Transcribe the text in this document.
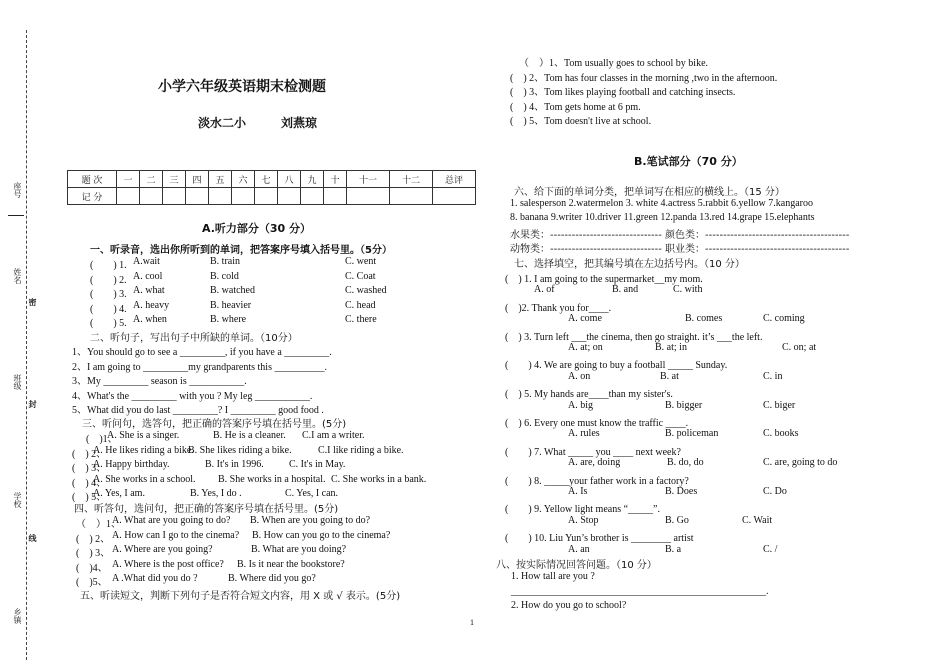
座号
姓名
密
班级
封
学校
线
乡镇
小学六年级英语期末检测题
淡水二小	刘燕琼
题 次	一	二	三	四	五	六	七	八	九	十	十一	十二	总评
记 分													
A.听力部分（30 分）
一、听录音，选出你所听到的单词，把答案序号填入括号里。（5分）
(　　) 1. A.wait	B. train	C. went
(　　) 2. A. cool	B. cold	C. Coat
(　　) 3. A. what	B. watched	C. washed
(　　) 4. A. heavy	B. heavier	C. head
(　　) 5. A. when	B. where	C. there
二、听句子，写出句子中所缺的单词。（10分）
1、You should go to see a _________, if you have a _________.
2、I am going to _________my grandparents this __________.
3、My _________ season is ___________.
4、What's the _________ with you ? My leg ___________.
5、What did you do last _________? I _________ good food .
三、听问句，选答句，把正确的答案序号填在括号里。(5分)
(　)1、
A. She is a singer.	B. He is a cleaner. C.I am a writer.
(　) 2、
A. He likes riding a bike.
B. She likes riding a bike.	C.I like riding a bike.
(　) 3、
A. Happy birthday.	B. It's in 1996.	C. It's in May.
(　) 4、
A. She works in a school. B. She works in a hospital. C. She works in a bank.
(　) 5、
A. Yes, I am.	B. Yes, I do .	C. Yes, I can.
四、听答句，选问句，把正确的答案序号填在括号里。(5分)
（　）1、
A. What are you going to do? B. When are you going to do?
(　) 2、 A. How can I go to the cinema? B. How can you go to the cinema?
(　) 3、 A. Where are you going?	B. What are you doing?
(　)4、 A. Where is the post office? B. Is it near the bookstore?
(　)5、 A .What did you do ?	B. Where did you go?
五、听读短文，判断下列句子是否符合短文内容，用 X 或 √ 表示。(5分)
（　）1、Tom usually goes to school by bike.
(　) 2、Tom has four classes in the morning ,two in the afternoon.
(　) 3、Tom likes playing football and catching insects.
(　) 4、Tom gets home at 6 pm.
(　) 5、Tom doesn't live at school.
B.笔试部分（70 分）
六、给下面的单词分类，把单词写在相应的横线上。（15 分）
1. salesperson 2.watermelon 3. white 4.actress 5.rabbit 6.yellow 7.kangaroo
8. banana 9.writer 10.driver 11.green 12.panda 13.red 14.grape 15.elephants
水果类：------------------------------- 颜色类：----------------------------------------
动物类：------------------------------- 职业类：----------------------------------------
七、选择填空，把其编号填在左边括号内。（10 分）
(　) 1. I am going to the supermarket__my mom.
A. of	B. and	C. with
(　)2. Thank you for____.
A. come	B. comes	C. coming
(　) 3. Turn left ___the cinema, then go straight. it’s ___the left.
A. at; on	B. at; in	C. on; at
(　　) 4. We are going to buy a football _____ Sunday.
A. on	B. at	C. in
(　) 5. My hands are____than my sister's.
A. big	B. bigger	C. biger
(　) 6. Every one must know the traffic ____.
A. rules	B. policeman	C. books
(　　) 7. What _____ you ____ next week?
A. are, doing	B. do, do	C. are, going to do
(　　) 8. _____your father work in a factory?
A. Is	B. Does	C. Do
(　　) 9. Yellow light means “_____”.
A. Stop	B. Go	C. Wait
(　　) 10. Liu Yun’s brother is ________ artist
A. an	B. a	C. /
八、按实际情况回答问题。（10 分）
1. How tall are you ?
___________________________________________________.
2. How do you go to school?
1
